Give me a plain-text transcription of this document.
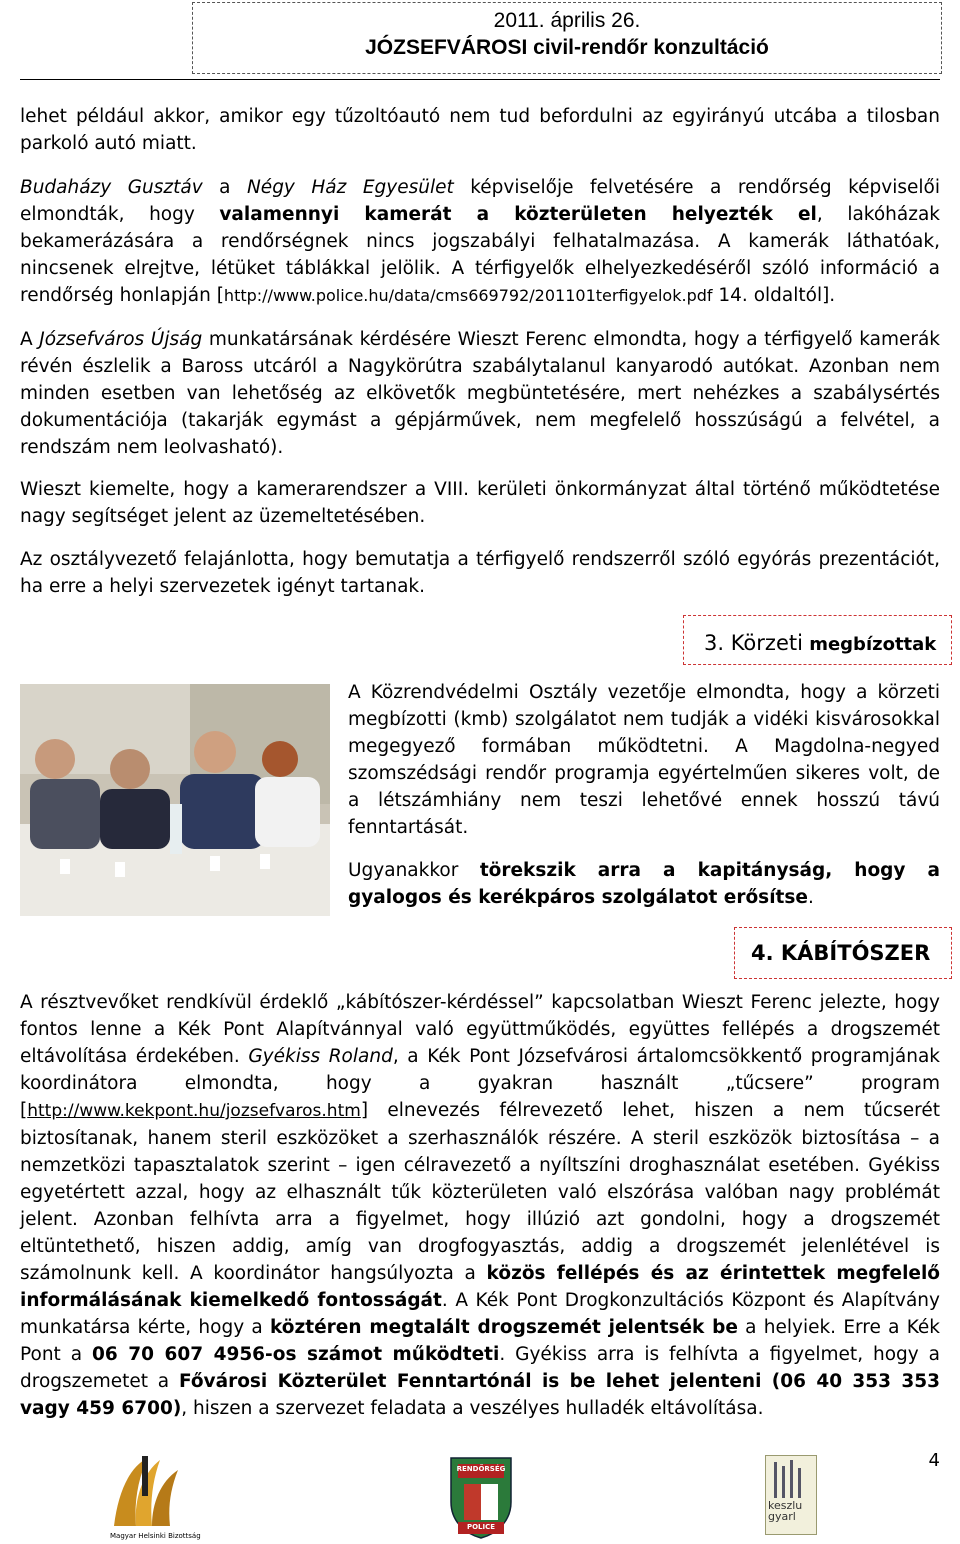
2011. április 26.
JÓZSEFVÁROSI civil-rendőr konzultáció

lehet például akkor, amikor egy tűzoltóautó nem tud befordulni az egyirányú utcába a tilosban parkoló autó miatt.

Budaházy Gusztáv a Négy Ház Egyesület képviselője felvetésére a rendőrség képviselői elmondták, hogy valamennyi kamerát a közterületen helyezték el, lakóházak bekamerázására a rendőrségnek nincs jogszabályi felhatalmazása. A kamerák láthatóak, nincsenek elrejtve, létüket táblákkal jelölik. A térfigyelők elhelyezkedéséről szóló információ a rendőrség honlapján [http://www.police.hu/data/cms669792/201101terfigyelok.pdf 14. oldaltól].

A Józsefváros Újság munkatársának kérdésére Wieszt Ferenc elmondta, hogy a térfigyelő kamerák révén észlelik a Baross utcáról a Nagykörútra szabálytalanul kanyarodó autókat. Azonban nem minden esetben van lehetőség az elkövetők megbüntetésére, mert nehézkes a szabálysértés dokumentációja (takarják egymást a gépjárművek, nem megfelelő hosszúságú a felvétel, a rendszám nem leolvasható).

Wieszt kiemelte, hogy a kamerarendszer a VIII. kerületi önkormányzat által történő működtetése nagy segítséget jelent az üzemeltetésében.

Az osztályvezető felajánlotta, hogy bemutatja a térfigyelő rendszerről szóló egyórás prezentációt, ha erre a helyi szervezetek igényt tartanak.

3. Körzeti megbízottak

A Közrendvédelmi Osztály vezetője elmondta, hogy a körzeti megbízotti (kmb) szolgálatot nem tudják a vidéki kisvárosokkal megegyező formában működtetni. A Magdolna-negyed szomszédsági rendőr programja egyértelműen sikeres volt, de a létszámhiány nem teszi lehetővé ennek hosszú távú fenntartását.

Ugyanakkor törekszik arra a kapitányság, hogy a gyalogos és kerékpáros szolgálatot erősítse.

4. KÁBÍTÓSZER

A résztvevőket rendkívül érdeklő „kábítószer-kérdéssel” kapcsolatban Wieszt Ferenc jelezte, hogy fontos lenne a Kék Pont Alapítvánnyal való együttműködés, együttes fellépés a drogszemét eltávolítása érdekében. Gyékiss Roland, a Kék Pont Józsefvárosi ártalomcsökkentő programjának koordinátora elmondta, hogy a gyakran használt „tűcsere” program [http://www.kekpont.hu/jozsefvaros.htm] elnevezés félrevezető lehet, hiszen a nem tűcserét biztosítanak, hanem steril eszközöket a szerhasználók részére. A steril eszközök biztosítása – a nemzetközi tapasztalatok szerint – igen célravezető a nyíltszíni droghasználat esetében. Gyékiss egyetértett azzal, hogy az elhasznált tűk közterületen való elszórása valóban nagy problémát jelent. Azonban felhívta arra a figyelmet, hogy illúzió azt gondolni, hogy a drogszemét eltüntethető, hiszen addig, amíg van drogfogyasztás, addig a drogszemét jelenlétével is számolnunk kell. A koordinátor hangsúlyozta a közös fellépés és az érintettek megfelelő informálásának kiemelkedő fontosságát. A Kék Pont Drogkonzultációs Központ és Alapítvány munkatársa kérte, hogy a köztéren megtalált drogszemét jelentsék be a helyiek. Erre a Kék Pont a 06 70 607 4956-os számot működteti. Gyékiss arra is felhívta a figyelmet, hogy a drogszemetet a Fővárosi Közterület Fenntartónál is be lehet jelenteni (06 40 353 353 vagy 459 6700), hiszen a szervezet feladata a veszélyes hulladék eltávolítása.

4
Magyar Helsinki Bizottság
RENDŐRSÉG
POLICE
keszlu gyarl
